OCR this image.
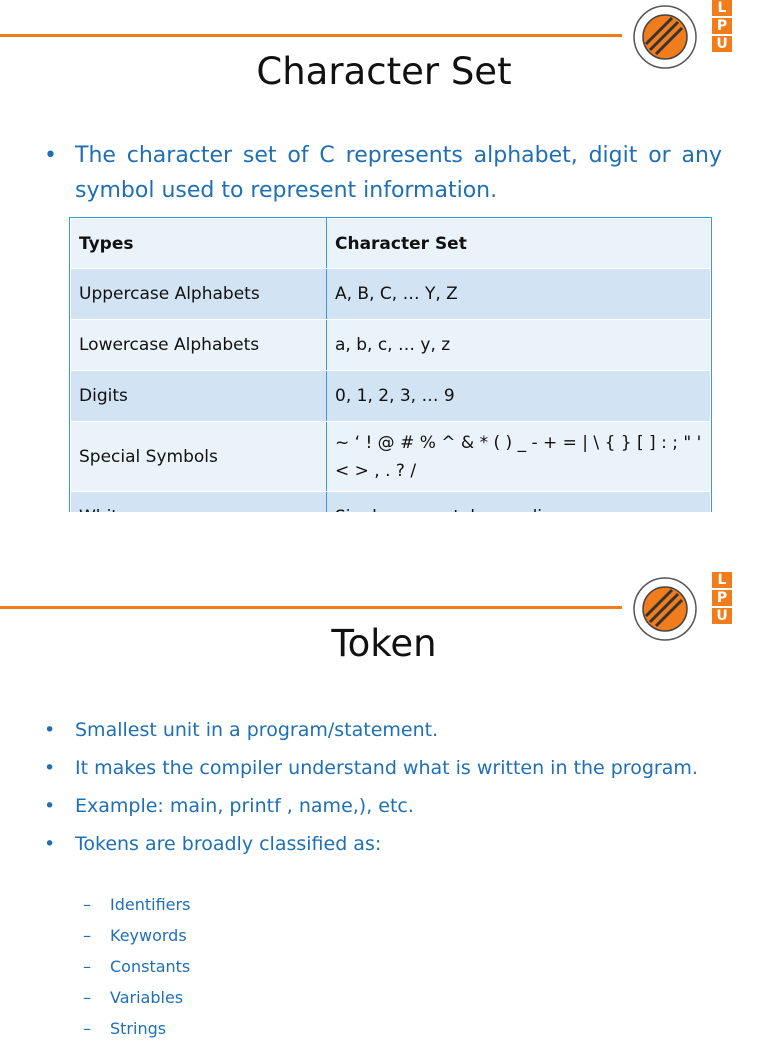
L
P
U
Character Set
• The character set of C represents alphabet, digit or any symbol used to represent information.
Types	Character Set
Uppercase Alphabets	A, B, C, … Y, Z
Lowercase Alphabets	a, b, c, … y, z
Digits	0, 1, 2, 3, … 9
Special Symbols	~ ‘ ! @ # % ^ & * ( ) _ - + = | \ { } [ ] : ; " ' < > , . ? /

L
P
U
Token
• Smallest unit in a program/statement.
• It makes the compiler understand what is written in the program.
• Example: main, printf , name,), etc.
• Tokens are broadly classified as:
– Identifiers
– Keywords
– Constants
– Variables
– Strings
